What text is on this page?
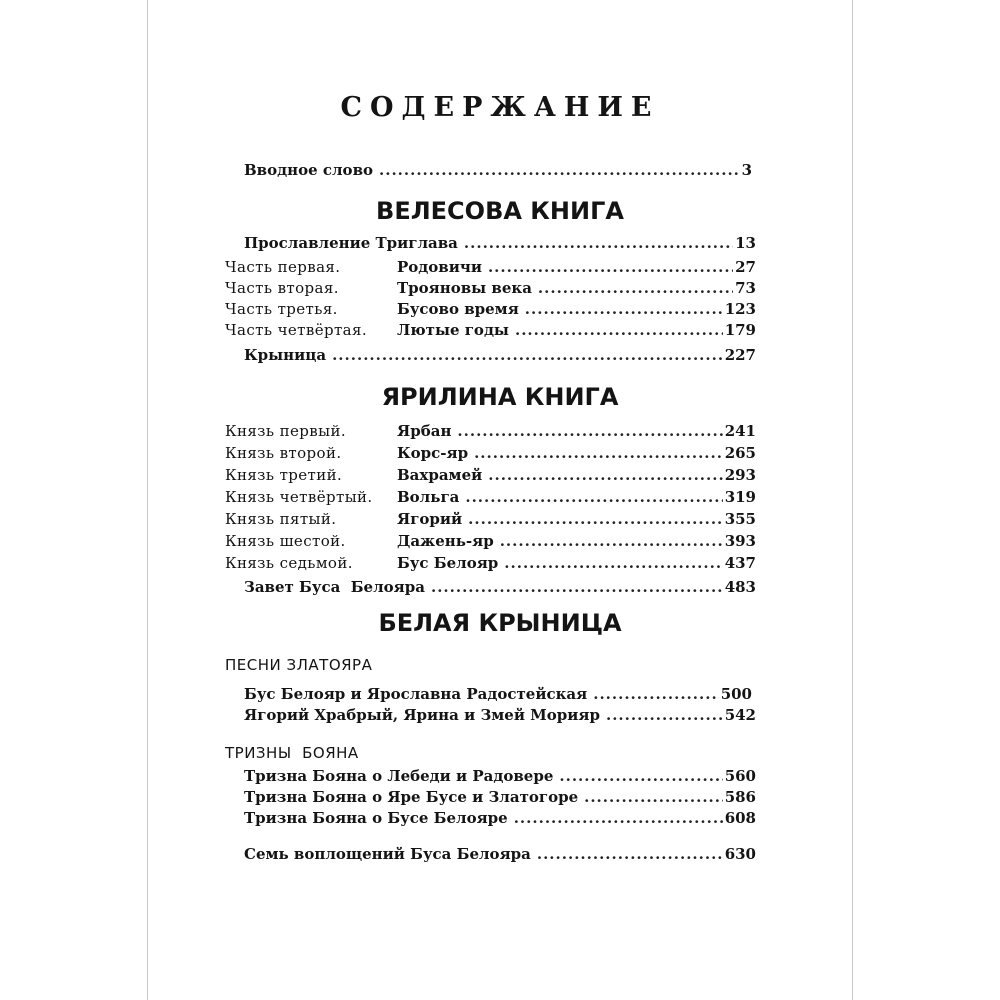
СОДЕРЖАНИЕ
Вводное слово .....	3
ВЕЛЕСОВА КНИГА
Прославление Триглава .....	13
Часть первая.	Родовичи .....	27
Часть вторая.	Трояновы века .....	73
Часть третья.	Бусово время .....	123
Часть четвёртая.	Лютые годы .....	179
Крыница .....	227
ЯРИЛИНА КНИГА
Князь первый.	Ярбан .....	241
Князь второй.	Корс-яр .....	265
Князь третий.	Вахрамей .....	293
Князь четвёртый.	Вольга .....	319
Князь пятый.	Ягорий .....	355
Князь шестой.	Дажень-яр .....	393
Князь седьмой.	Бус Белояр .....	437
Завет Буса  Белояра .....	483
БЕЛАЯ КРЫНИЦА
ПЕСНИ ЗЛАТОЯРА
Бус Белояр и Ярославна Радостейская .....	500
Ягорий Храбрый, Ярина и Змей Морияр .....	542
ТРИЗНЫ  БОЯНА
Тризна Бояна о Лебеди и Радовере .....	560
Тризна Бояна о Яре Бусе и Златогоре .....	586
Тризна Бояна о Бусе Белояре .....	608
Семь воплощений Буса Белояра .....	630
